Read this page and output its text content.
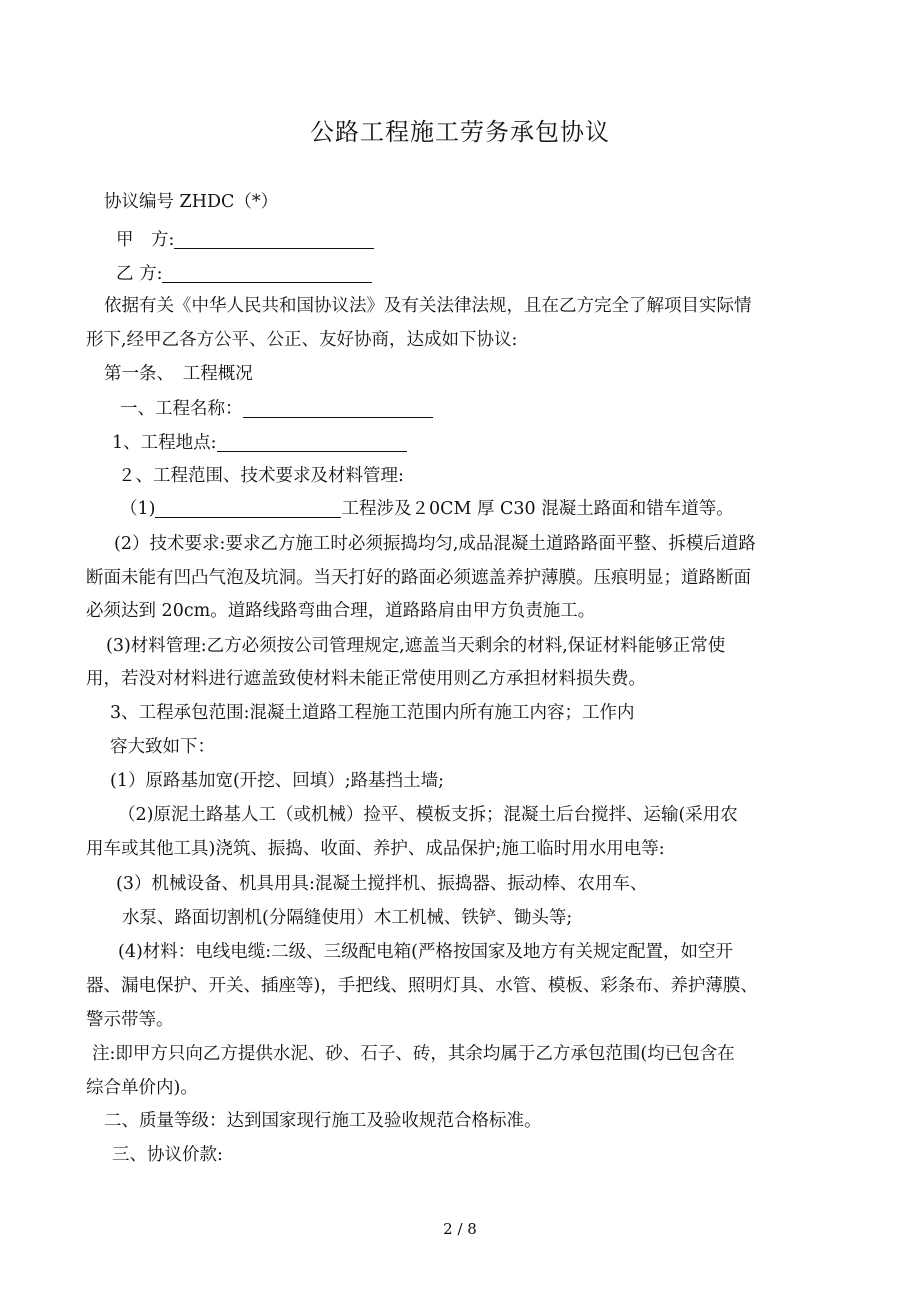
公路工程施工劳务承包协议
协议编号 ZHDC（*）
甲　方:
乙 方:
依据有关《中华人民共和国协议法》及有关法律法规，且在乙方完全了解项目实际情
形下,经甲乙各方公平、公正、友好协商，达成如下协议:
第一条、　工程概况
一、工程名称：
1、工程地点:
２、工程范围、技术要求及材料管理:
（1)	工程涉及２0CM 厚 C30 混凝土路面和错车道等。
(2）技术要求:要求乙方施工时必须振捣均匀,成品混凝土道路路面平整、拆模后道路
断面未能有凹凸气泡及坑洞。当天打好的路面必须遮盖养护薄膜。压痕明显；道路断面
必须达到 20cm。道路线路弯曲合理，道路路肩由甲方负责施工。
(3)材料管理:乙方必须按公司管理规定,遮盖当天剩余的材料,保证材料能够正常使
用，若没对材料进行遮盖致使材料未能正常使用则乙方承担材料损失费。
3、工程承包范围:混凝土道路工程施工范围内所有施工内容；工作内
容大致如下：
(1）原路基加宽(开挖、回填）;路基挡土墙;
（2)原泥土路基人工（或机械）捡平、模板支拆；混凝土后台搅拌、运输(采用农
用车或其他工具)浇筑、振捣、收面、养护、成品保护;施工临时用水用电等:
(3）机械设备、机具用具:混凝土搅拌机、振捣器、振动棒、农用车、
水泵、路面切割机(分隔缝使用）木工机械、铁铲、锄头等;
(4)材料：电线电缆:二级、三级配电箱(严格按国家及地方有关规定配置，如空开
器、漏电保护、开关、插座等)，手把线、照明灯具、水管、模板、彩条布、养护薄膜、
警示带等。
注:即甲方只向乙方提供水泥、砂、石子、砖，其余均属于乙方承包范围(均已包含在
综合单价内)。
二、质量等级：达到国家现行施工及验收规范合格标准。
三、协议价款:
2 / 8
